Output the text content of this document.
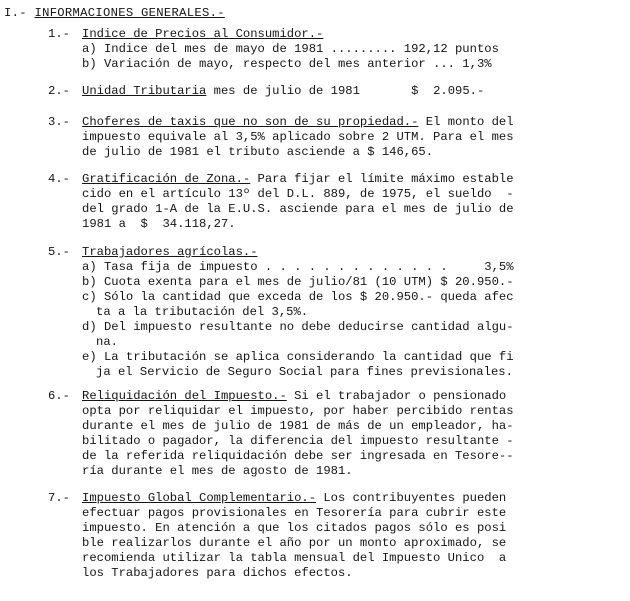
I.- INFORMACIONES GENERALES.-
1.- Indice de Precios al Consumidor.-
a) Indice del mes de mayo de 1981 ......... 192,12 puntos
b) Variación de mayo, respecto del mes anterior ... 1,3%
2.- Unidad Tributaria mes de julio de 1981       $  2.095.-
3.- Choferes de taxis que no son de su propiedad.- El monto del
impuesto equivale al 3,5% aplicado sobre 2 UTM. Para el mes
de julio de 1981 el tributo asciende a $ 146,65.
4.- Gratificación de Zona.- Para fijar el límite máximo estable
cido en el artículo 13º del D.L. 889, de 1975, el sueldo  -
del grado 1-A de la E.U.S. asciende para el mes de julio de
1981 a  $  34.118,27.
5.- Trabajadores agrícolas.-
a) Tasa fija de impuesto . . . . . . . . . . . . .     3,5%
b) Cuota exenta para el mes de julio/81 (10 UTM) $ 20.950.-
c) Sólo la cantidad que exceda de los $ 20.950.- queda afec
ta a la tributación del 3,5%.
d) Del impuesto resultante no debe deducirse cantidad algu-
na.
e) La tributación se aplica considerando la cantidad que fi
ja el Servicio de Seguro Social para fines previsionales.
6.- Reliquidación del Impuesto.- Si el trabajador o pensionado
opta por reliquidar el impuesto, por haber percibido rentas
durante el mes de julio de 1981 de más de un empleador, ha-
bilitado o pagador, la diferencia del impuesto resultante -
de la referida reliquidación debe ser ingresada en Tesore--
ría durante el mes de agosto de 1981.
7.- Impuesto Global Complementario.- Los contribuyentes pueden
efectuar pagos provisionales en Tesorería para cubrir este
impuesto. En atención a que los citados pagos sólo es posi
ble realizarlos durante el año por un monto aproximado, se
recomienda utilizar la tabla mensual del Impuesto Unico  a
los Trabajadores para dichos efectos.
